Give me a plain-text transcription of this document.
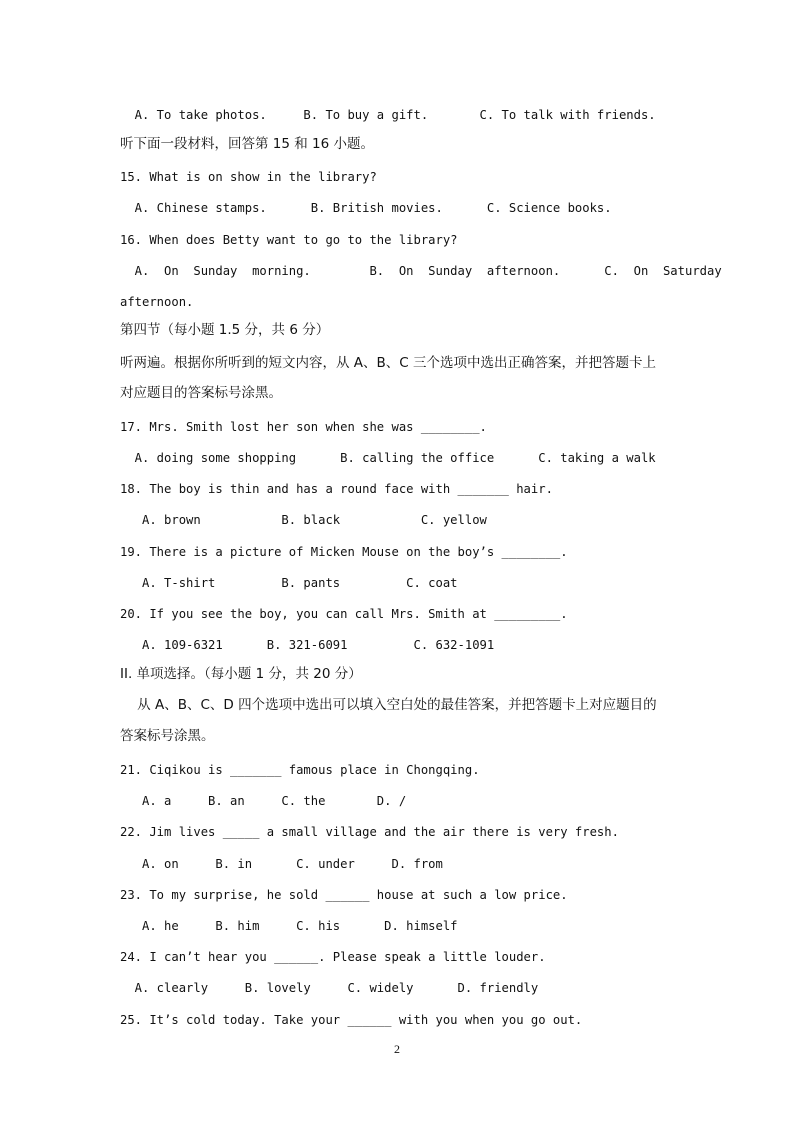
A. To take photos.     B. To buy a gift.       C. To talk with friends.
听下面一段材料，回答第 15 和 16 小题。
15. What is on show in the library?
A. Chinese stamps.      B. British movies.      C. Science books.
16. When does Betty want to go to the library?
A.  On  Sunday  morning.        B.  On  Sunday  afternoon.      C.  On  Saturday
afternoon.
第四节（每小题 1.5 分，共 6 分）
听两遍。根据你所听到的短文内容，从 A、B、C 三个选项中选出正确答案，并把答题卡上
对应题目的答案标号涂黑。
17. Mrs. Smith lost her son when she was ________.
A. doing some shopping      B. calling the office      C. taking a walk
18. The boy is thin and has a round face with _______ hair.
A. brown           B. black           C. yellow
19. There is a picture of Micken Mouse on the boy’s ________.
A. T-shirt         B. pants         C. coat
20. If you see the boy, you can call Mrs. Smith at _________.
A. 109-6321      B. 321-6091         C. 632-1091
II. 单项选择。（每小题 1 分，共 20 分）
从 A、B、C、D 四个选项中选出可以填入空白处的最佳答案，并把答题卡上对应题目的
答案标号涂黑。
21. Ciqikou is _______ famous place in Chongqing.
A. a     B. an     C. the       D. /
22. Jim lives _____ a small village and the air there is very fresh.
A. on     B. in      C. under     D. from
23. To my surprise, he sold ______ house at such a low price.
A. he     B. him     C. his      D. himself
24. I can’t hear you ______. Please speak a little louder.
A. clearly     B. lovely     C. widely      D. friendly
25. It’s cold today. Take your ______ with you when you go out.
2
